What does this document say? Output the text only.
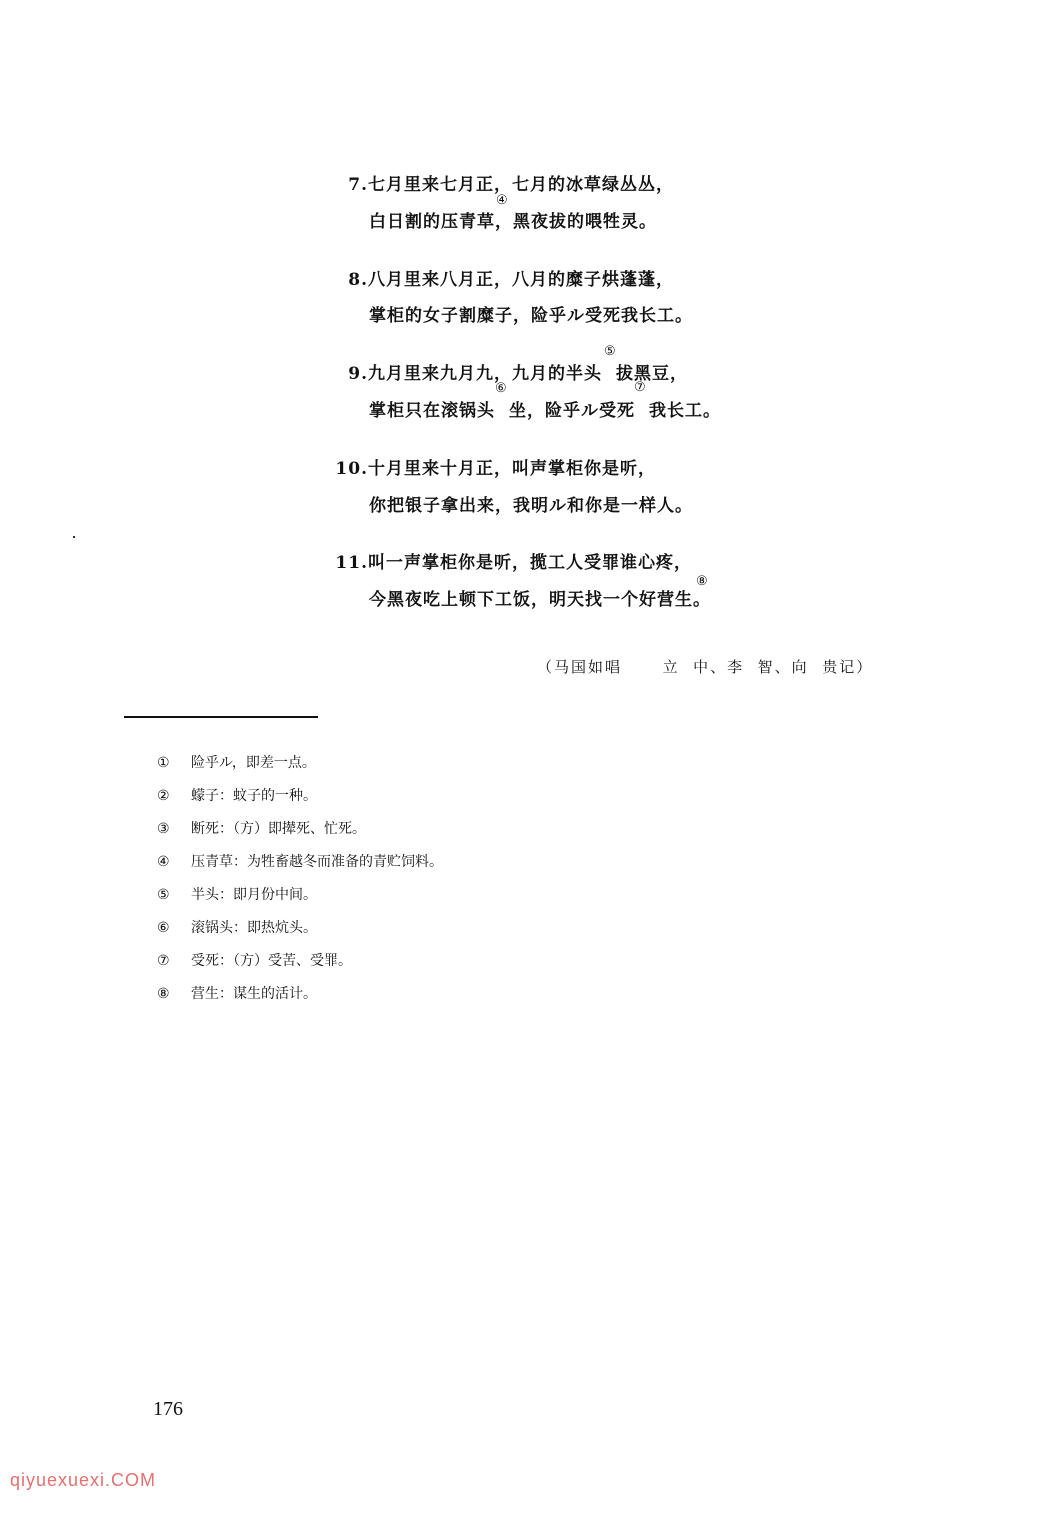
7.七月里来七月正，七月的冰草绿丛丛，
白日割的压青草，黑夜拔的喂牲灵。
④
8.八月里来八月正，八月的糜子烘蓬蓬，
掌柜的女子割糜子，险乎ル受死我长工。
9.九月里来九月九，九月的半头 拔黑豆，
⑤
掌柜只在滚锅头 坐，险乎ル受死 我长工。
⑥	⑦
10.十月里来十月正，叫声掌柜你是听，
你把银子拿出来，我明ル和你是一样人。
11.叫一声掌柜你是听，揽工人受罪谁心疼，
今黑夜吃上顿下工饭，明天找一个好营生。
⑧
（马国如唱      立  中、李  智、向  贵记）
① 险乎ル，即差一点。
② 蠓子：蚊子的一种。
③ 断死：（方）即撵死、忙死。
④ 压青草：为牲畜越冬而准备的青贮饲料。
⑤ 半头：即月份中间。
⑥ 滚锅头：即热炕头。
⑦ 受死：（方）受苦、受罪。
⑧ 营生：谋生的活计。
176
qiyuexuexi.COM
